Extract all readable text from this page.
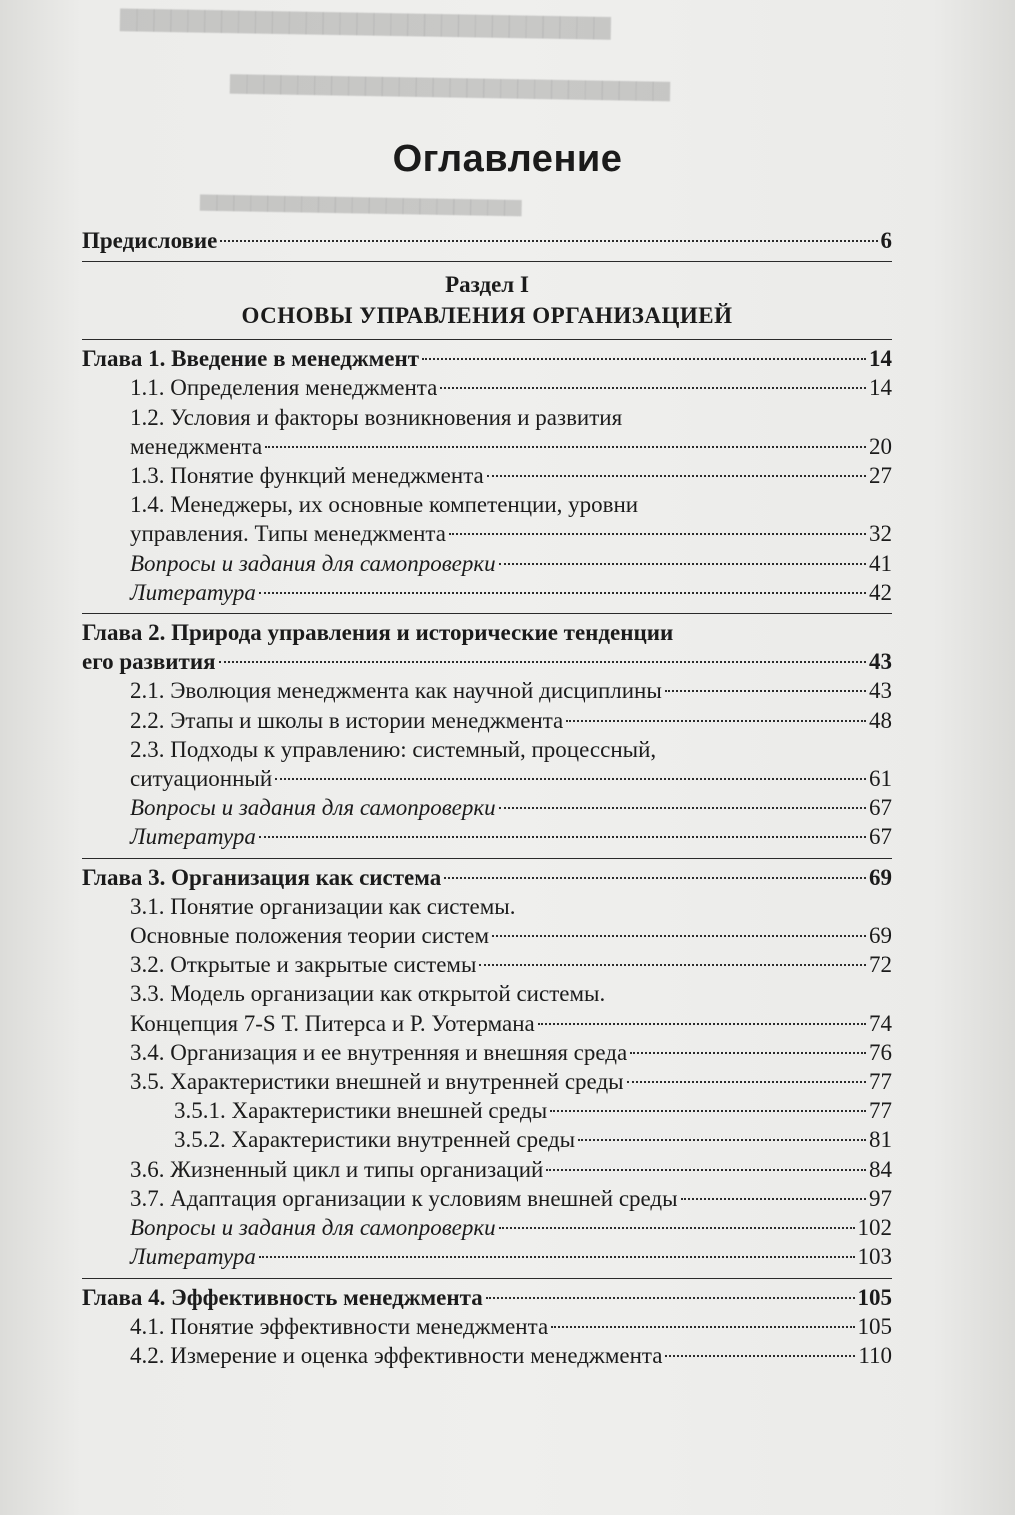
▇▇▇▇▇▇▇▇▇▇▇▇▇▇▇▇▇▇▇▇▇▇▇▇▇▇▇▇▇
▆▆▆▆▆▆▆▆▆▆▆▆▆▆▆▆▆▆▆▆▆▆▆▆▆▆
▅▅▅▅▅▅▅▅▅▅▅▅▅▅▅▅▅▅▅
Оглавление
Предисловие	6
Раздел I
ОСНОВЫ УПРАВЛЕНИЯ ОРГАНИЗАЦИЕЙ
Глава 1. Введение в менеджмент	14
1.1. Определения менеджмента	14
1.2. Условия и факторы возникновения и развития
менеджмента	20
1.3. Понятие функций менеджмента	27
1.4. Менеджеры, их основные компетенции, уровни
управления. Типы менеджмента	32
Вопросы и задания для самопроверки	41
Литература	42
Глава 2. Природа управления и исторические тенденции
его развития	43
2.1. Эволюция менеджмента как научной дисциплины	43
2.2. Этапы и школы в истории менеджмента	48
2.3. Подходы к управлению: системный, процессный,
ситуационный	61
Вопросы и задания для самопроверки	67
Литература	67
Глава 3. Организация как система	69
3.1. Понятие организации как системы.
Основные положения теории систем	69
3.2. Открытые и закрытые системы	72
3.3. Модель организации как открытой системы.
Концепция 7-S Т. Питерса и Р. Уотермана	74
3.4. Организация и ее внутренняя и внешняя среда	76
3.5. Характеристики внешней и внутренней среды	77
3.5.1. Характеристики внешней среды	77
3.5.2. Характеристики внутренней среды	81
3.6. Жизненный цикл и типы организаций	84
3.7. Адаптация организации к условиям внешней среды	97
Вопросы и задания для самопроверки	102
Литература	103
Глава 4. Эффективность менеджмента	105
4.1. Понятие эффективности менеджмента	105
4.2. Измерение и оценка эффективности менеджмента	110
